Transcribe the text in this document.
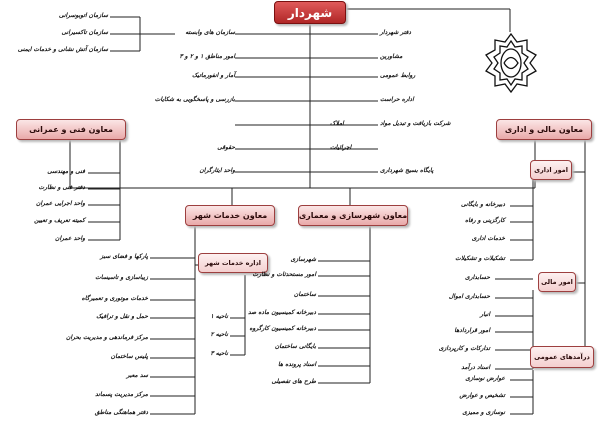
شهردار
سازمان اتوبوسرانی
سازمان تاکسیرانی
سازمان آتش نشانی و خدمات ایمنی
سازمان های وابسته
امور مناطق ۱ و ۲ و ۳
آمار و انفورماتیک
بازرسی و پاسخگویی به شکایات
حقوقی
واحد ایثارگران
دفتر شهردار
مشاورین
روابط عمومی
اداره حراست
شرکت بازیافت و تبدیل مواد
املاک
اجرائیات
پایگاه بسیج شهرداری
معاون فنی و عمرانی	معاون مالی و اداری
معاون خدمات شهر	معاون شهرسازی و معماری
فنی و مهندسی
دفتر فنی و نظارت
واحد اجرایی عمران
کمیته تعریف و تعیین
واحد عمران
اداره خدمات شهر
پارکها و فضای سبز
زیباسازی و تاسیسات
خدمات موتوری و تعمیرگاه
حمل و نقل و ترافیک
مرکز فرماندهی و مدیریت بحران
پلیس ساختمان
سد معبر
مرکز مدیریت پسماند
دفتر هماهنگی مناطق
ناحیه ۱
ناحیه ۲
ناحیه ۳
شهرسازی
امور مستحدثات و نظارت
ساختمان
دبیرخانه کمیسیون ماده صد
دبیرخانه کمیسیون کارگروه
بایگانی ساختمان
اسناد پرونده ها
طرح های تفصیلی
امور اداری
امور مالی
درآمدهای عمومی
دبیرخانه و بایگانی
کارگزینی و رفاه
خدمات اداری
تشکیلات و تشکیلات
حسابداری
حسابداری اموال
انبار
امور قراردادها
تدارکات و کارپردازی
اسناد درآمد
عوارض نوسازی
تشخیص و عوارض
نوسازی و ممیزی
